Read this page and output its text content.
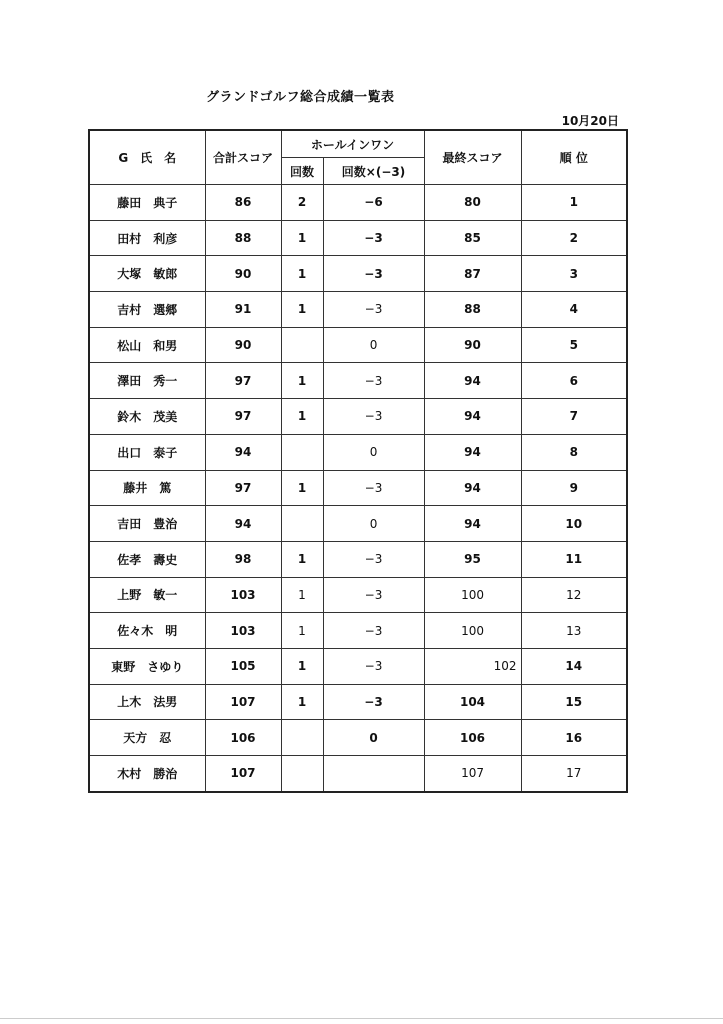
グランドゴルフ総合成績一覧表
10月20日
G　氏　名	合計スコア	ホールインワン		最終スコア	順 位
		回数	回数×(−3)		
藤田　典子	86	2	−6	80	1
田村　利彦	88	1	−3	85	2
大塚　敏郎	90	1	−3	87	3
吉村　選郷	91	1	−3	88	4
松山　和男	90		0	90	5
澤田　秀一	97	1	−3	94	6
鈴木　茂美	97	1	−3	94	7
出口　泰子	94		0	94	8
藤井　篤	97	1	−3	94	9
吉田　豊治	94		0	94	10
佐孝　壽史	98	1	−3	95	11
上野　敏一	103	1	−3	100	12
佐々木　明	103	1	−3	100	13
東野　さゆり	105	1	−3	102	14
上木　法男	107	1	−3	104	15
天方　忍	106		0	106	16
木村　勝治	107			107	17
